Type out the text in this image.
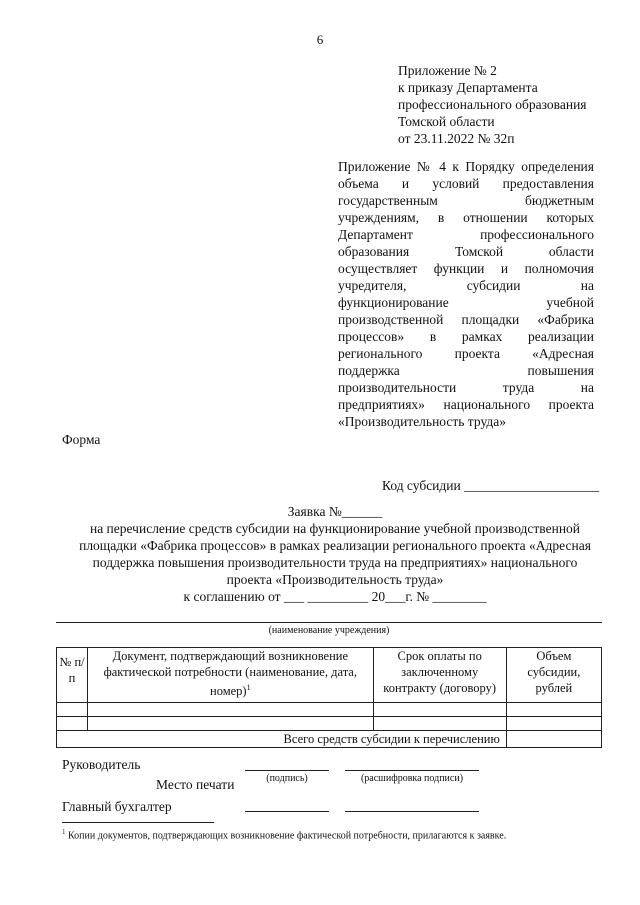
6
Приложение № 2
к приказу Департамента
профессионального образования
Томской области
от 23.11.2022 № 32п
Приложение № 4 к Порядку определения
объема и условий предоставления
государственным бюджетным
учреждениям, в отношении которых
Департамент профессионального
образования Томской области
осуществляет функции и полномочия
учредителя, субсидии на
функционирование учебной
производственной площадки «Фабрика
процессов» в рамках реализации
регионального проекта «Адресная
поддержка повышения
производительности труда на
предприятиях» национального проекта
«Производительность труда»
Форма
Код субсидии ____________________
Заявка №______
на перечисление средств субсидии на функционирование учебной производственной
площадки «Фабрика процессов» в рамках реализации регионального проекта «Адресная
поддержка повышения производительности труда на предприятиях» национального
проекта «Производительность труда»
к соглашению от ___ _________ 20___г. № ________
(наименование учреждения)
№ п/п	Документ, подтверждающий возникновение фактической потребности (наименование, дата, номер)$^1$	Срок оплаты по заключенному контракту (договору)	Объем субсидии, рублей

Всего средств субсидии к перечислению			
Руководитель
(подпись)	(расшифровка подписи)
Место печати
Главный бухгалтер
$^1$ Копии документов, подтверждающих возникновение фактической потребности, прилагаются к заявке.
